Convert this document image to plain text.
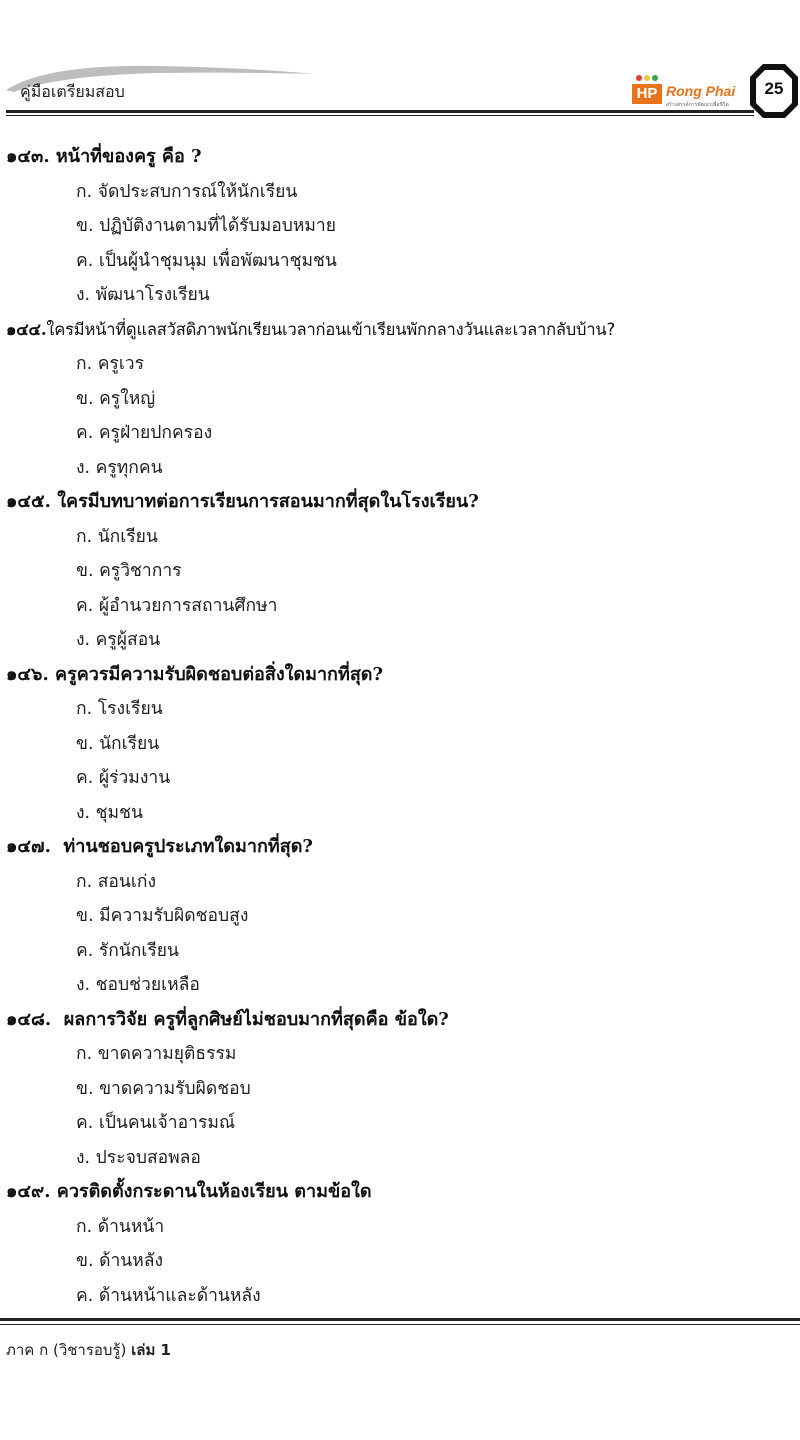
คู่มือเตรียมสอบ	HP Rong Phai
สร้างสรรค์การพัฒนาเพื่อชีวิต
25
๑๔๓. หน้าที่ของครู คือ ?
ก. จัดประสบการณ์ให้นักเรียน
ข. ปฏิบัติงานตามที่ได้รับมอบหมาย
ค. เป็นผู้นำชุมนุม เพื่อพัฒนาชุมชน
ง. พัฒนาโรงเรียน
๑๔๔.ใครมีหน้าที่ดูแลสวัสดิภาพนักเรียนเวลาก่อนเข้าเรียนพักกลางวันและเวลากลับบ้าน?
ก. ครูเวร
ข. ครูใหญ่
ค. ครูฝ่ายปกครอง
ง. ครูทุกคน
๑๔๕. ใครมีบทบาทต่อการเรียนการสอนมากที่สุดในโรงเรียน?
ก. นักเรียน
ข. ครูวิชาการ
ค. ผู้อำนวยการสถานศึกษา
ง. ครูผู้สอน
๑๔๖. ครูควรมีความรับผิดชอบต่อสิ่งใดมากที่สุด?
ก. โรงเรียน
ข. นักเรียน
ค. ผู้ร่วมงาน
ง. ชุมชน
๑๔๗. ท่านชอบครูประเภทใดมากที่สุด?
ก. สอนเก่ง
ข. มีความรับผิดชอบสูง
ค. รักนักเรียน
ง. ชอบช่วยเหลือ
๑๔๘. ผลการวิจัย ครูที่ลูกศิษย์ไม่ชอบมากที่สุดคือ ข้อใด?
ก. ขาดความยุติธรรม
ข. ขาดความรับผิดชอบ
ค. เป็นคนเจ้าอารมณ์
ง. ประจบสอพลอ
๑๔๙. ควรติดตั้งกระดานในห้องเรียน ตามข้อใด
ก. ด้านหน้า
ข. ด้านหลัง
ค. ด้านหน้าและด้านหลัง
ภาค ก (วิชารอบรู้) เล่ม 1
